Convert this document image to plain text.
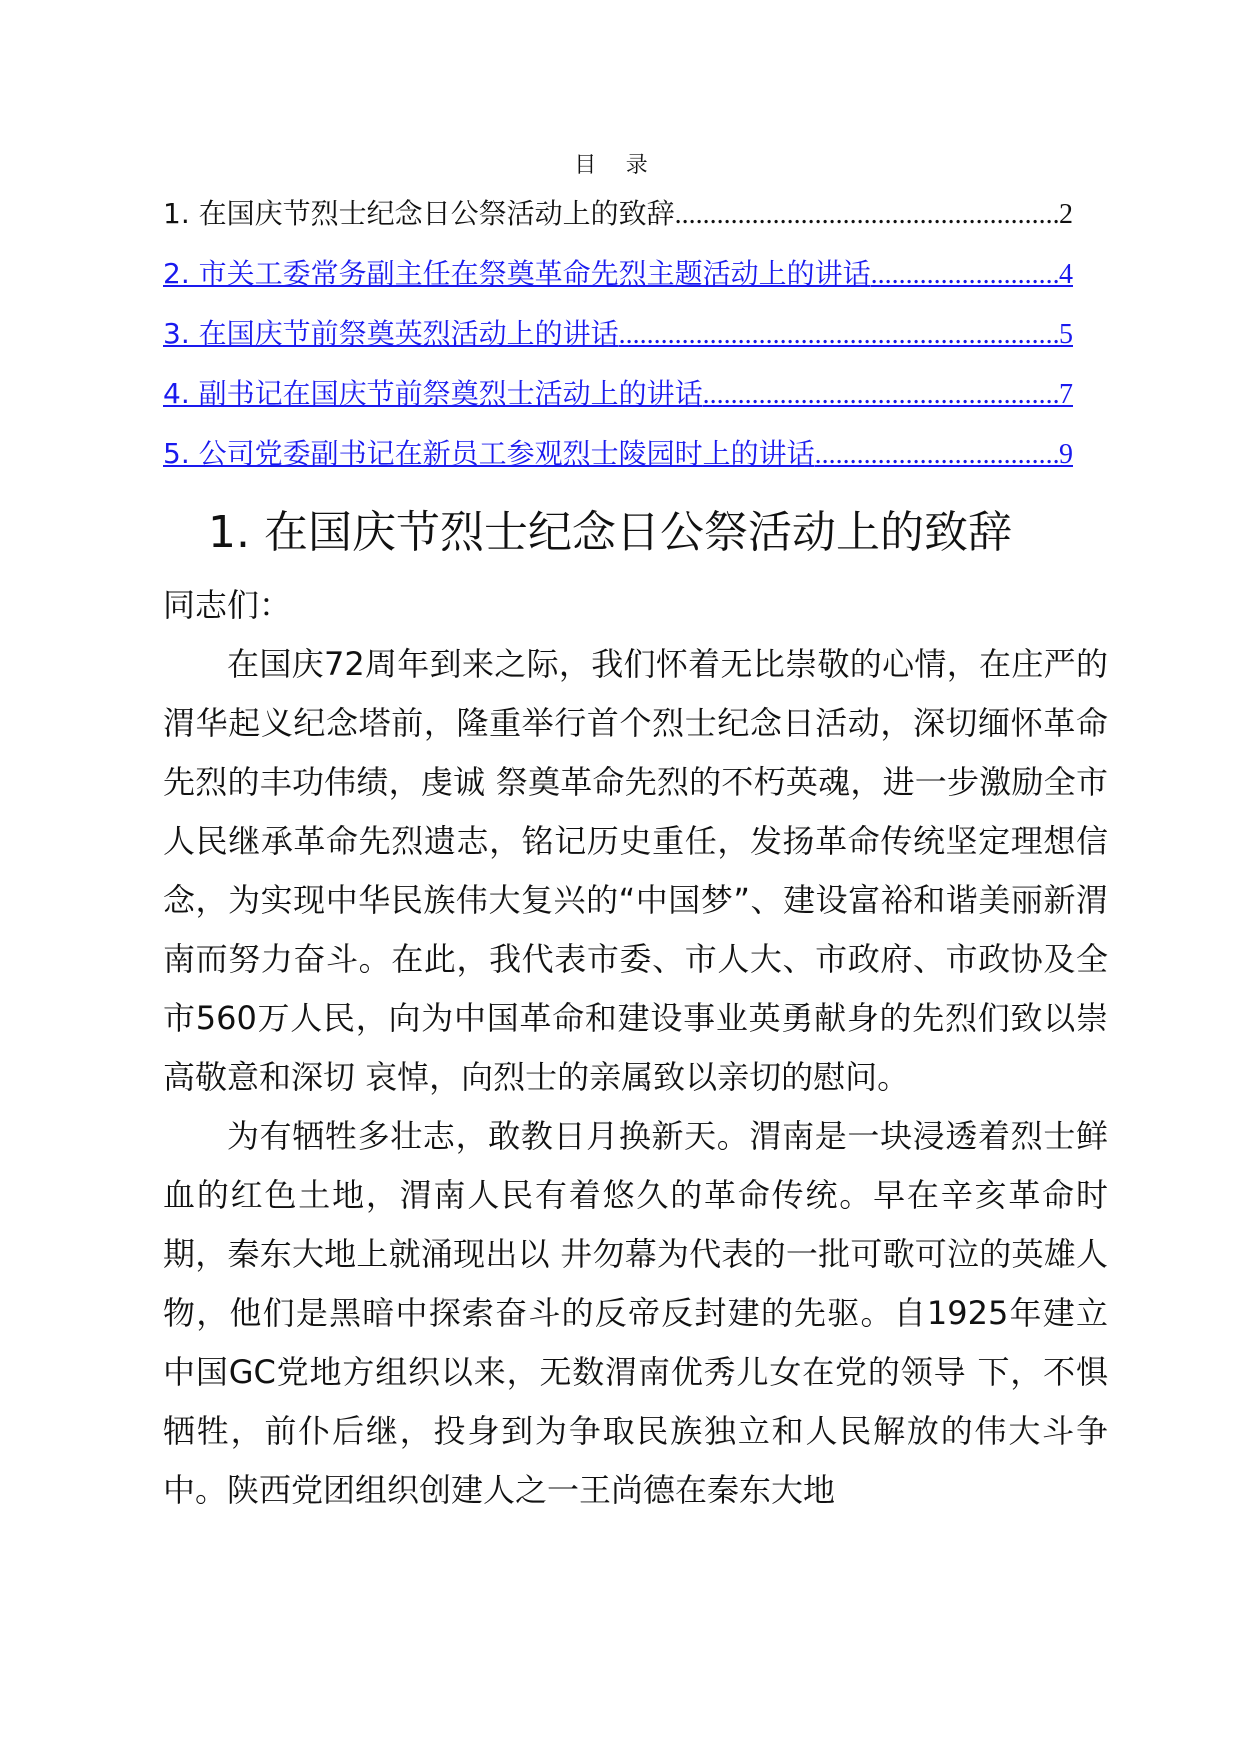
目 录
1. 在国庆节烈士纪念日公祭活动上的致辞 .....	2
2. 市关工委常务副主任在祭奠革命先烈主题活动上的讲话 .....	4
3. 在国庆节前祭奠英烈活动上的讲话 .....	5
4. 副书记在国庆节前祭奠烈士活动上的讲话 .....	7
5. 公司党委副书记在新员工参观烈士陵园时上的讲话 .....	9
1. 在国庆节烈士纪念日公祭活动上的致辞

同志们：

在国庆72周年到来之际，我们怀着无比崇敬的心情，在庄严的渭华起义纪念塔前，隆重举行首个烈士纪念日活动，深切缅怀革命先烈的丰功伟绩，虔诚 祭奠革命先烈的不朽英魂，进一步激励全市人民继承革命先烈遗志，铭记历史重任，发扬革命传统坚定理想信念，为实现中华民族伟大复兴的“中国梦”、建设富裕和谐美丽新渭南而努力奋斗。在此，我代表市委、市人大、市政府、市政协及全市560万人民，向为中国革命和建设事业英勇献身的先烈们致以崇高敬意和深切 哀悼，向烈士的亲属致以亲切的慰问。

为有牺牲多壮志，敢教日月换新天。渭南是一块浸透着烈士鲜血的红色土地，渭南人民有着悠久的革命传统。早在辛亥革命时期，秦东大地上就涌现出以 井勿幕为代表的一批可歌可泣的英雄人物，他们是黑暗中探索奋斗的反帝反封建的先驱。自1925年建立中国GC党地方组织以来，无数渭南优秀儿女在党的领导 下，不惧牺牲，前仆后继，投身到为争取民族独立和人民解放的伟大斗争中。陕西党团组织创建人之一王尚德在秦东大地
